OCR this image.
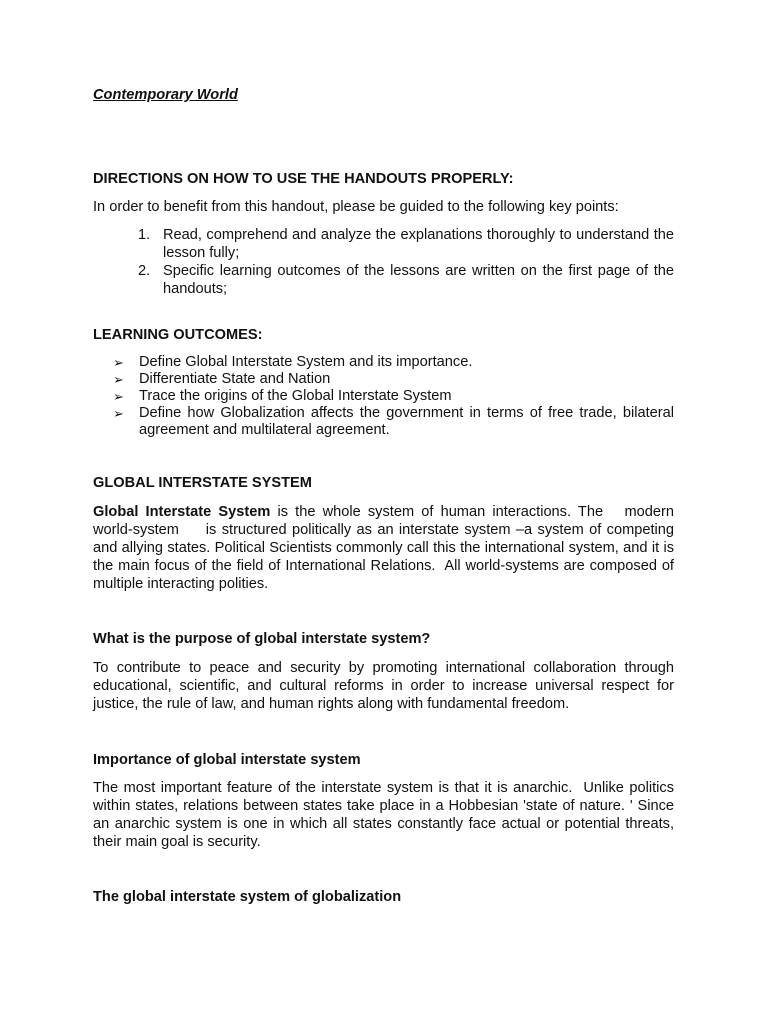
Contemporary World
DIRECTIONS ON HOW TO USE THE HANDOUTS PROPERLY:

In order to benefit from this handout, please be guided to the following key points:

1. Read, comprehend and analyze the explanations thoroughly to understand the lesson fully;
2. Specific learning outcomes of the lessons are written on the first page of the handouts;
LEARNING OUTCOMES:
➢ Define Global Interstate System and its importance.
➢ Differentiate State and Nation
➢ Trace the origins of the Global Interstate System
➢ Define how Globalization affects the government in terms of free trade, bilateral agreement and multilateral agreement.
GLOBAL INTERSTATE SYSTEM

Global Interstate System is the whole system of human interactions. The   modern world-system     is structured politically as an interstate system –a system of competing and allying states. Political Scientists commonly call this the international system, and it is the main focus of the field of International Relations.  All world-systems are composed of multiple interacting polities.

What is the purpose of global interstate system?

To contribute to peace and security by promoting international collaboration through educational, scientific, and cultural reforms in order to increase universal respect for justice, the rule of law, and human rights along with fundamental freedom.

Importance of global interstate system

The most important feature of the interstate system is that it is anarchic.  Unlike politics within states, relations between states take place in a Hobbesian 'state of nature. ' Since an anarchic system is one in which all states constantly face actual or potential threats, their main goal is security.

The global interstate system of globalization
